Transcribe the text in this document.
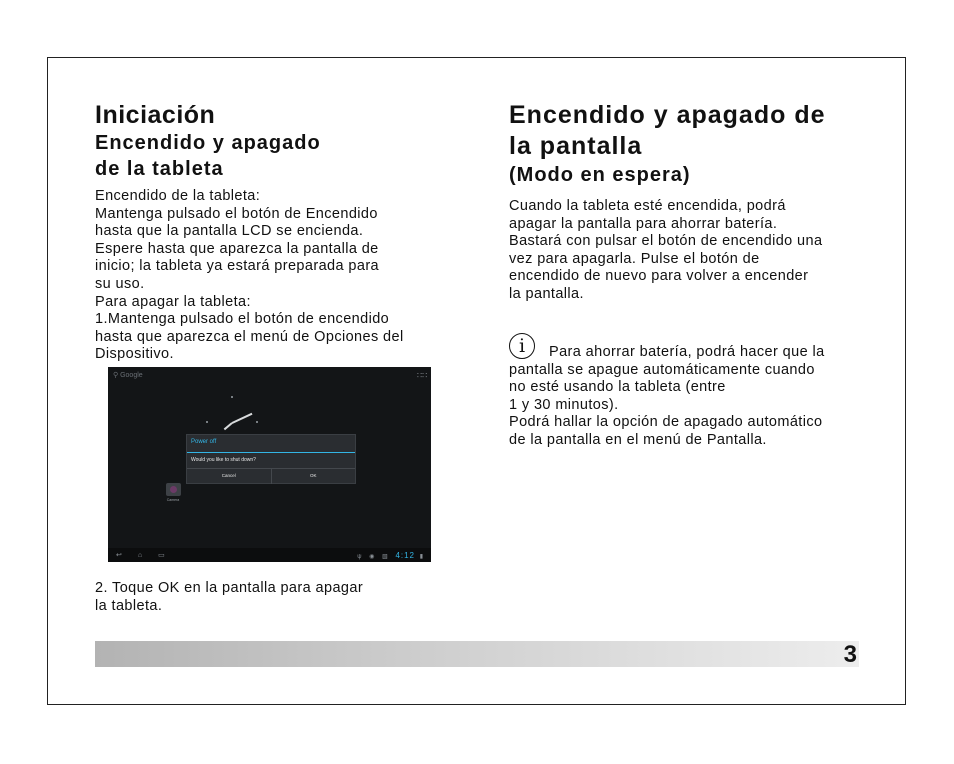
Iniciación

Encendido y apagado

de la tableta

Encendido de la tableta:
Mantenga pulsado el botón de Encendido
hasta que la pantalla LCD se encienda.
Espere hasta que aparezca la pantalla de
inicio; la tableta ya estará preparada para
su uso.
Para apagar la tableta:
1.Mantenga pulsado el botón de encendido
hasta que aparezca el menú de Opciones del
Dispositivo.
⚲ Google	∷∷
Power off
Would you like to shut down?
Cancel	OK
Camera
↩⌂▭	ψ ◉ ▧ 4:12 ▮
2. Toque OK en la pantalla para apagar
la tableta.

Encendido y apagado de

la pantalla

(Modo en espera)

Cuando la tableta esté encendida, podrá
apagar la pantalla para ahorrar batería.
Bastará con pulsar el botón de encendido una
vez para apagarla. Pulse el botón de
encendido de nuevo para volver a encender
la pantalla.
i	Para ahorrar batería, podrá hacer que la
pantalla se apague automáticamente cuando
no esté usando la tableta (entre
1 y 30 minutos).
Podrá hallar la opción de apagado automático
de la pantalla en el menú de Pantalla.
3
